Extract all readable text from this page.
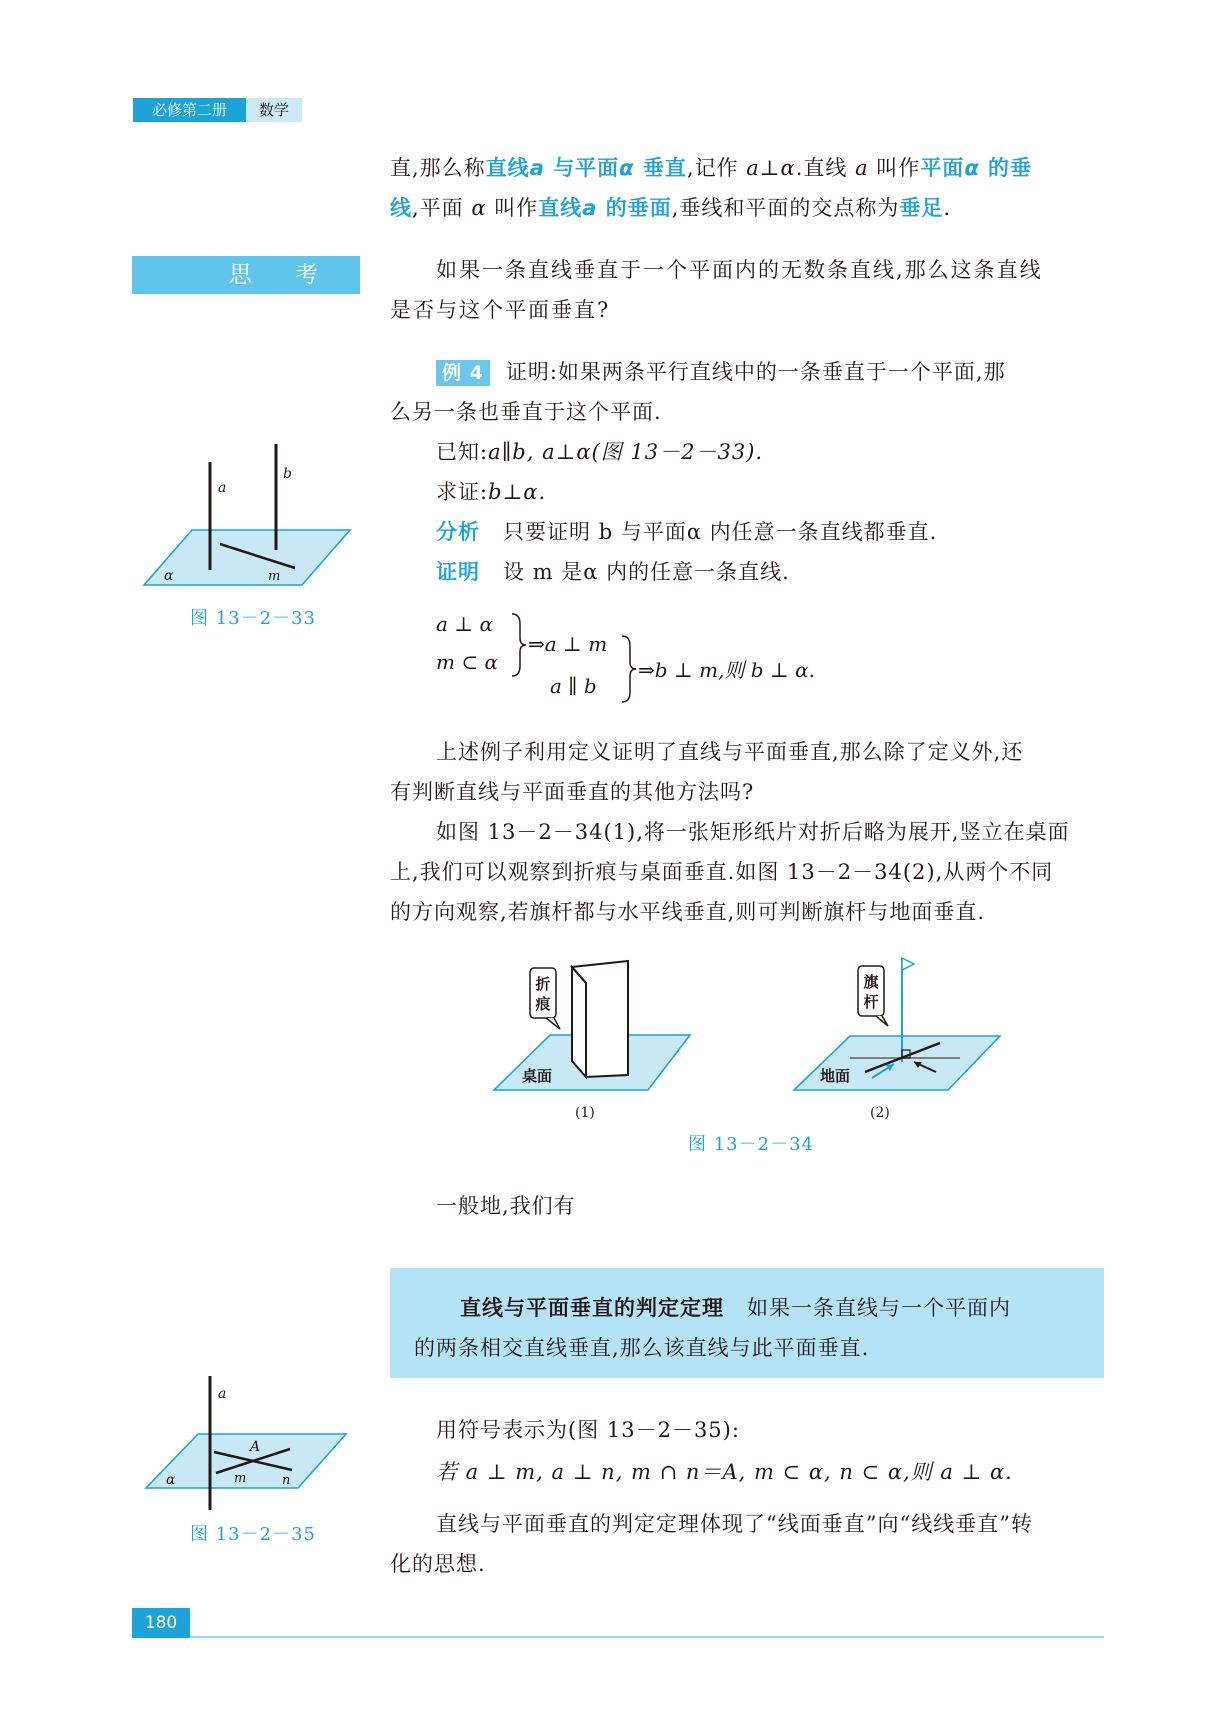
必修第二册	数学
直,那么称直线a 与平面α 垂直,记作 a⊥α.直线 a 叫作平面α 的垂
线,平面 α 叫作直线a 的垂面,垂线和平面的交点称为垂足.
思 考	如果一条直线垂直于一个平面内的无数条直线,那么这条直线
是否与这个平面垂直?
例 4 证明:如果两条平行直线中的一条垂直于一个平面,那
么另一条也垂直于这个平面.
已知:a∥b, a⊥α(图 13－2－33).
求证:b⊥α.
分析 只要证明 b 与平面α 内任意一条直线都垂直.
证明 设 m 是α 内的任意一条直线.
a ⊥ α
m ⊂ α
⇒a ⊥ m
a ∥ b
⇒b ⊥ m,则 b ⊥ α.
a
b
α	m
图 13－2－33
上述例子利用定义证明了直线与平面垂直,那么除了定义外,还
有判断直线与平面垂直的其他方法吗?
如图 13－2－34(1),将一张矩形纸片对折后略为展开,竖立在桌面
上,我们可以观察到折痕与桌面垂直.如图 13－2－34(2),从两个不同
的方向观察,若旗杆都与水平线垂直,则可判断旗杆与地面垂直.
折
痕
桌面
(1)
旗
杆
地面
(2)
图 13－2－34
一般地,我们有
直线与平面垂直的判定定理 如果一条直线与一个平面内
的两条相交直线垂直,那么该直线与此平面垂直.
a
A
α	m	n
图 13－2－35
用符号表示为(图 13－2－35):
若 a ⊥ m, a ⊥ n, m ∩ n＝A, m ⊂ α, n ⊂ α,则 a ⊥ α.
直线与平面垂直的判定定理体现了“线面垂直”向“线线垂直”转
化的思想.
180
